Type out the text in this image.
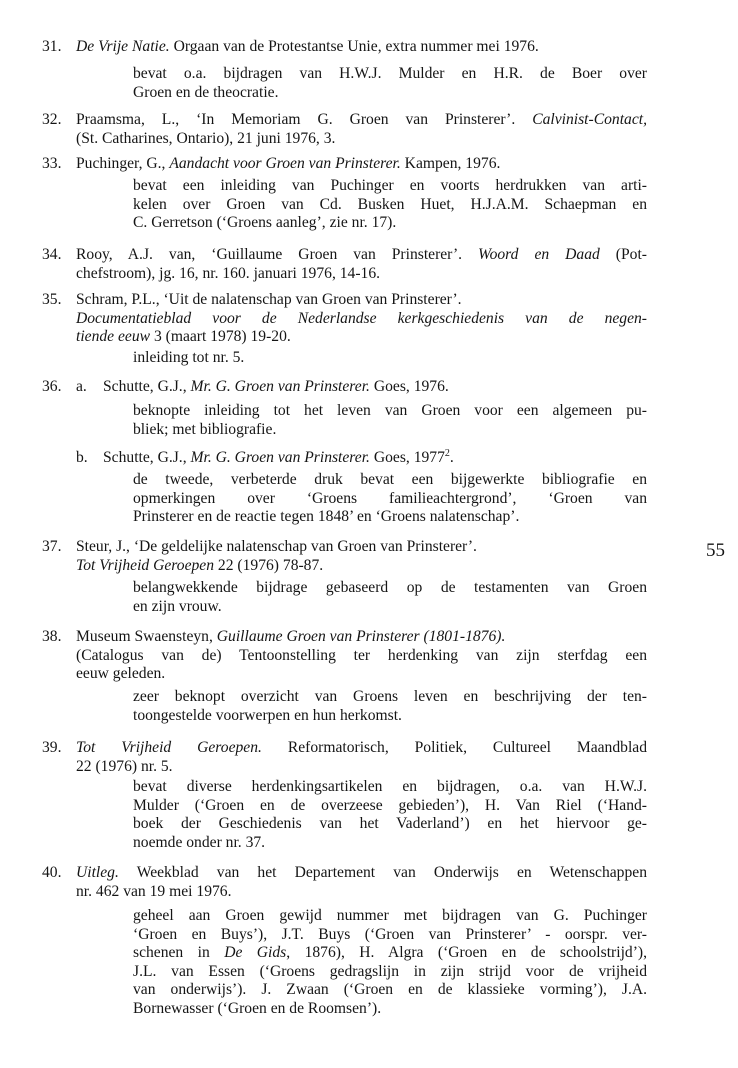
31. De Vrije Natie. Orgaan van de Protestantse Unie, extra nummer mei 1976.
bevat o.a. bijdragen van H.W.J. Mulder en H.R. de Boer over
Groen en de theocratie.
32. Praamsma, L., ‘In Memoriam G. Groen van Prinsterer’. Calvinist-Contact,
(St. Catharines, Ontario), 21 juni 1976, 3.
33. Puchinger, G., Aandacht voor Groen van Prinsterer. Kampen, 1976.
bevat een inleiding van Puchinger en voorts herdrukken van arti-
kelen over Groen van Cd. Busken Huet, H.J.A.M. Schaepman en
C. Gerretson (‘Groens aanleg’, zie nr. 17).
34. Rooy, A.J. van, ‘Guillaume Groen van Prinsterer’. Woord en Daad (Pot-
chefstroom), jg. 16, nr. 160. januari 1976, 14-16.
35. Schram, P.L., ‘Uit de nalatenschap van Groen van Prinsterer’.
Documentatieblad voor de Nederlandse kerkgeschiedenis van de negen-
tiende eeuw 3 (maart 1978) 19-20.
inleiding tot nr. 5.
36. a. Schutte, G.J., Mr. G. Groen van Prinsterer. Goes, 1976.
beknopte inleiding tot het leven van Groen voor een algemeen pu-
bliek; met bibliografie.
b. Schutte, G.J., Mr. G. Groen van Prinsterer. Goes, 1977$^2$.
de tweede, verbeterde druk bevat een bijgewerkte bibliografie en
opmerkingen over ‘Groens familieachtergrond’, ‘Groen van
Prinsterer en de reactie tegen 1848’ en ‘Groens nalatenschap’.
37. Steur, J., ‘De geldelijke nalatenschap van Groen van Prinsterer’.
Tot Vrijheid Geroepen 22 (1976) 78-87.
belangwekkende bijdrage gebaseerd op de testamenten van Groen
en zijn vrouw.
38. Museum Swaensteyn, Guillaume Groen van Prinsterer (1801-1876).
(Catalogus van de) Tentoonstelling ter herdenking van zijn sterfdag een
eeuw geleden.
zeer beknopt overzicht van Groens leven en beschrijving der ten-
toongestelde voorwerpen en hun herkomst.
39. Tot Vrijheid Geroepen. Reformatorisch, Politiek, Cultureel Maandblad
22 (1976) nr. 5.
bevat diverse herdenkingsartikelen en bijdragen, o.a. van H.W.J.
Mulder (‘Groen en de overzeese gebieden’), H. Van Riel (‘Hand-
boek der Geschiedenis van het Vaderland’) en het hiervoor ge-
noemde onder nr. 37.
40. Uitleg. Weekblad van het Departement van Onderwijs en Wetenschappen
nr. 462 van 19 mei 1976.
geheel aan Groen gewijd nummer met bijdragen van G. Puchinger
‘Groen en Buys’), J.T. Buys (‘Groen van Prinsterer’ - oorspr. ver-
schenen in De Gids, 1876), H. Algra (‘Groen en de schoolstrijd’),
J.L. van Essen (‘Groens gedragslijn in zijn strijd voor de vrijheid
van onderwijs’). J. Zwaan (‘Groen en de klassieke vorming’), J.A.
Bornewasser (‘Groen en de Roomsen’).
55
